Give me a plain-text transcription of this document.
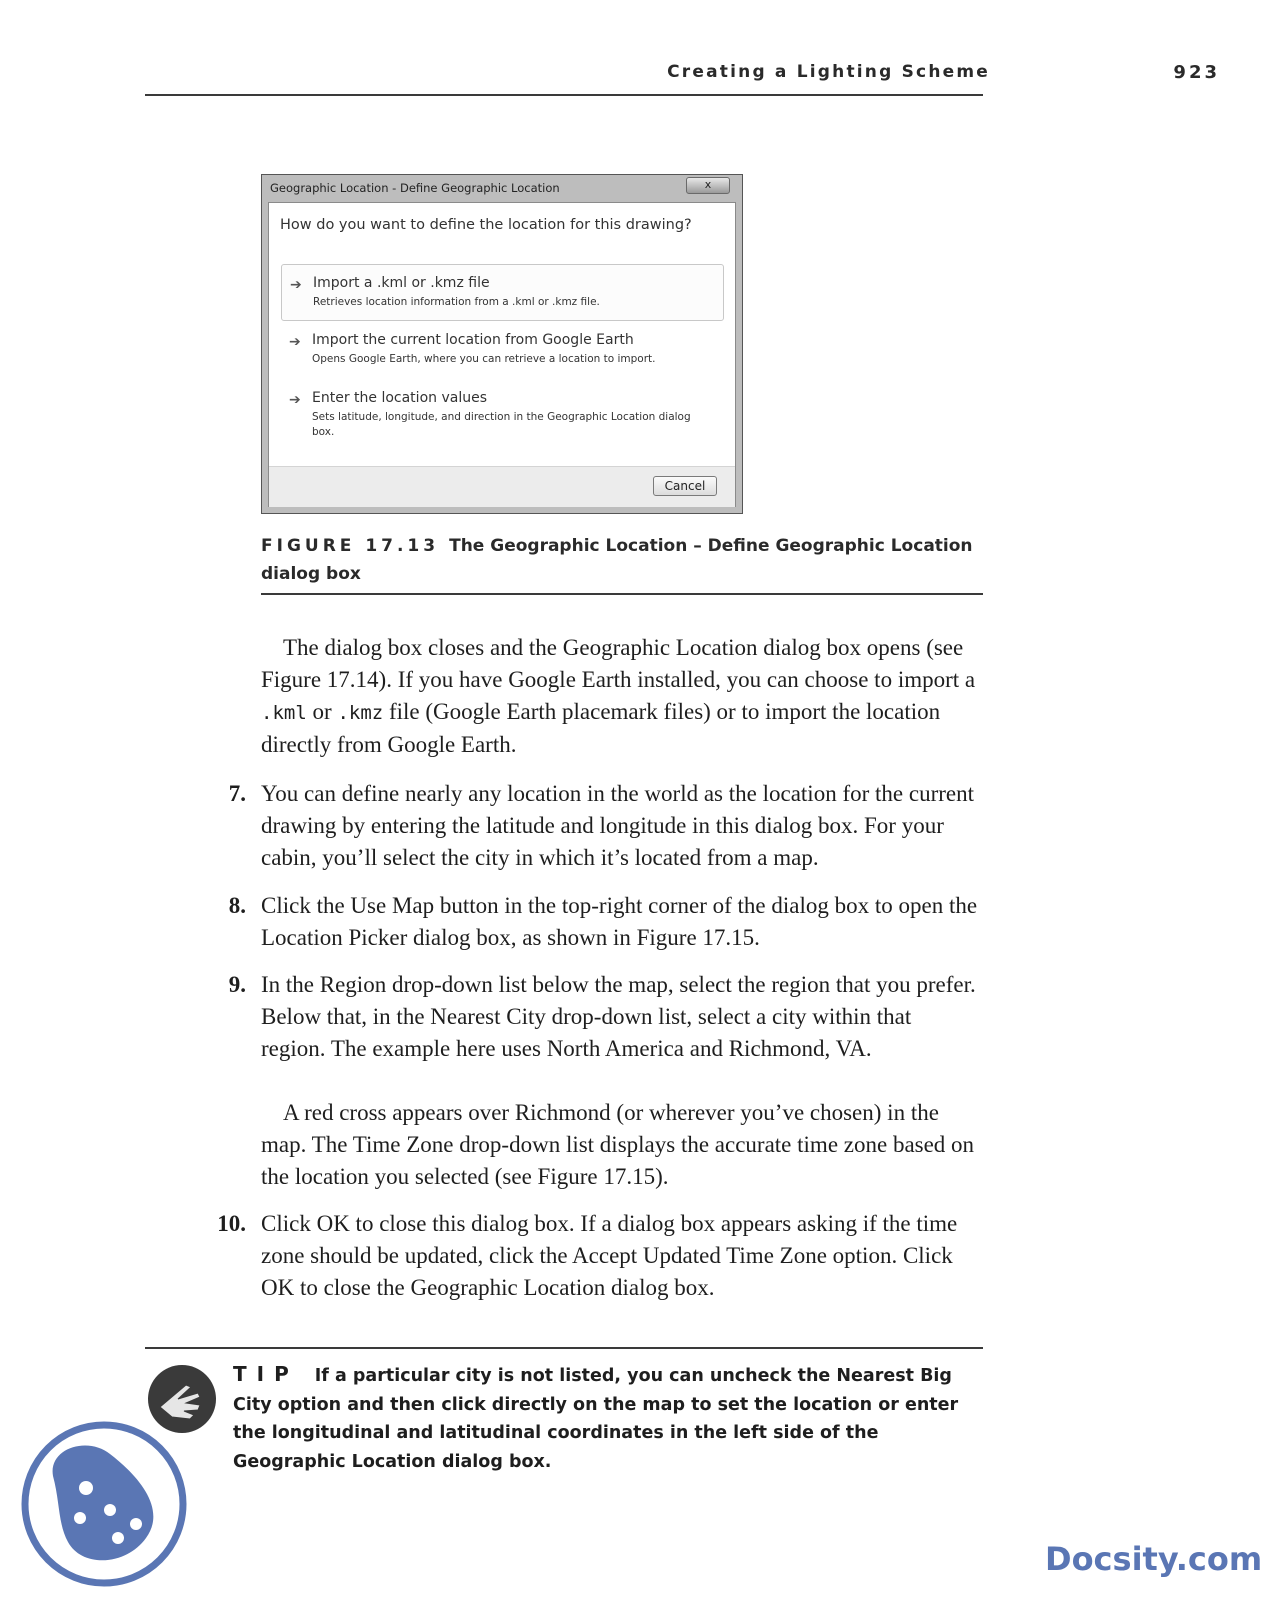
Creating a Lighting Scheme	923
Geographic Location - Define Geographic Location	x
How do you want to define the location for this drawing?
➔ Import a .kml or .kmz file
Retrieves location information from a .kml or .kmz file.
➔ Import the current location from Google Earth
Opens Google Earth, where you can retrieve a location to import.
➔ Enter the location values
Sets latitude, longitude, and direction in the Geographic Location dialog box.
Cancel
FIGURE 17.13 The Geographic Location – Define Geographic Location dialog box
The dialog box closes and the Geographic Location dialog box opens (see Figure 17.14). If you have Google Earth installed, you can choose to import a .kml or .kmz file (Google Earth placemark files) or to import the location directly from Google Earth.
7. You can define nearly any location in the world as the location for the current drawing by entering the latitude and longitude in this dialog box. For your cabin, you’ll select the city in which it’s located from a map.
8. Click the Use Map button in the top-right corner of the dialog box to open the Location Picker dialog box, as shown in Figure 17.15.
9. In the Region drop-down list below the map, select the region that you prefer. Below that, in the Nearest City drop-down list, select a city within that region. The example here uses North America and Richmond, VA.
A red cross appears over Richmond (or wherever you’ve chosen) in the map. The Time Zone drop-down list displays the accurate time zone based on the location you selected (see Figure 17.15).
10. Click OK to close this dialog box. If a dialog box appears asking if the time zone should be updated, click the Accept Updated Time Zone option. Click OK to close the Geographic Location dialog box.
TIP If a particular city is not listed, you can uncheck the Nearest Big City option and then click directly on the map to set the location or enter the longitudinal and latitudinal coordinates in the left side of the Geographic Location dialog box.
Docsity.com
